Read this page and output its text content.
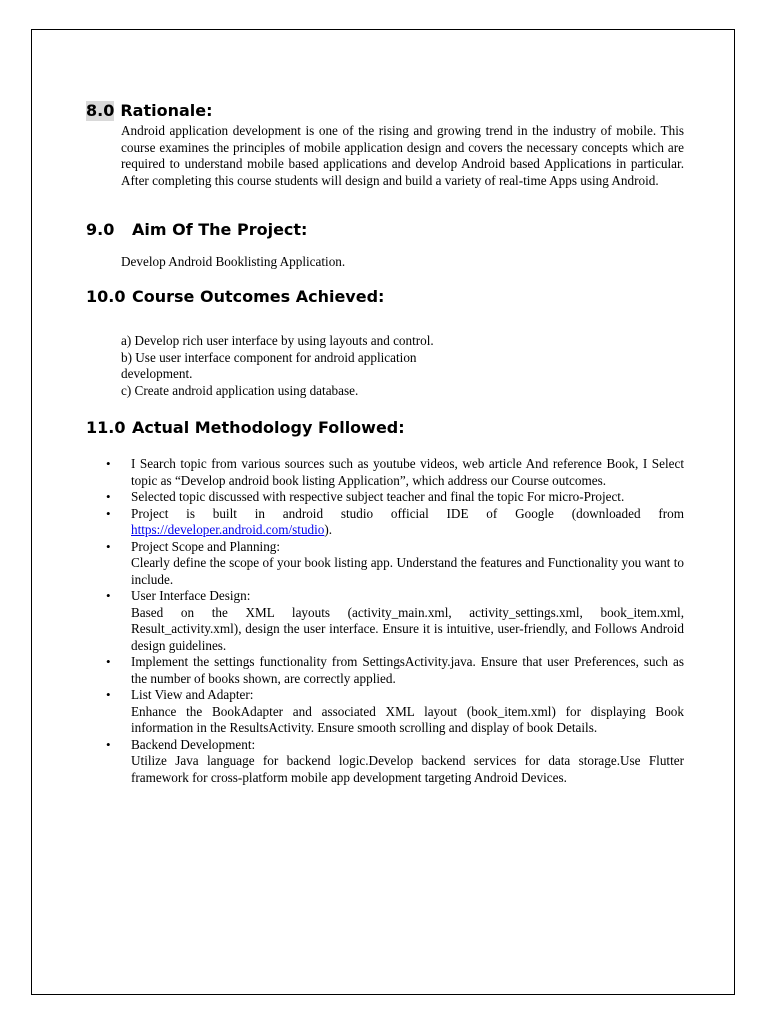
8.0 Rationale:

Android application development is one of the rising and growing trend in the industry of mobile. This course examines the principles of mobile application design and covers the necessary concepts which are required to understand mobile based applications and develop Android based Applications in particular. After completing this course students will design and build a variety of real-time Apps using Android.

9.0 Aim Of The Project:

Develop Android Booklisting Application.

10.0 Course Outcomes Achieved:
a) Develop rich user interface by using layouts and control.
b) Use user interface component for android application
development.
c) Create android application using database.
11.0 Actual Methodology Followed:
• I Search topic from various sources such as youtube videos, web article And reference Book, I Select topic as “Develop android book listing Application”, which address our Course outcomes.
• Selected topic discussed with respective subject teacher and final the topic For micro-Project.
• Project is built in android studio official IDE of Google (downloaded from https://developer.android.com/studio).
• Project Scope and Planning:
Clearly define the scope of your book listing app. Understand the features and Functionality you want to include.
• User Interface Design:
Based on the XML layouts (activity_main.xml, activity_settings.xml, book_item.xml, Result_activity.xml), design the user interface. Ensure it is intuitive, user-friendly, and Follows Android design guidelines.
• Implement the settings functionality from SettingsActivity.java. Ensure that user Preferences, such as the number of books shown, are correctly applied.
• List View and Adapter:
Enhance the BookAdapter and associated XML layout (book_item.xml) for displaying Book information in the ResultsActivity. Ensure smooth scrolling and display of book Details.
• Backend Development:
Utilize Java language for backend logic.Develop backend services for data storage.Use Flutter framework for cross-platform mobile app development targeting Android Devices.
